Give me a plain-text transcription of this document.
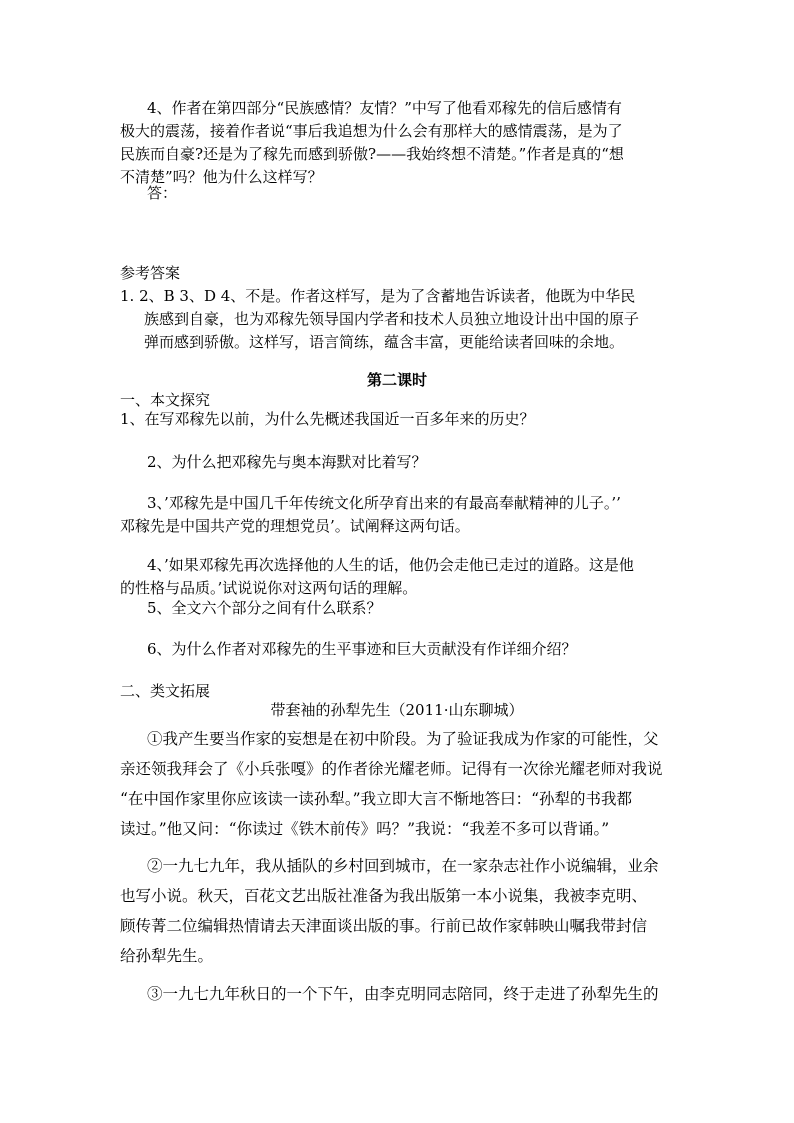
4、作者在第四部分“民族感情？友情？”中写了他看邓稼先的信后感情有
极大的震荡，接着作者说“事后我追想为什么会有那样大的感情震荡，是为了
民族而自豪?还是为了稼先而感到骄傲?——我始终想不清楚。”作者是真的“想
不清楚”吗？他为什么这样写？
答：
参考答案
1. 2、B 3、D 4、不是。作者这样写，是为了含蓄地告诉读者，他既为中华民
族感到自豪，也为邓稼先领导国内学者和技术人员独立地设计出中国的原子
弹而感到骄傲。这样写，语言简练，蕴含丰富，更能给读者回味的余地。
第二课时
一、本文探究
1、在写邓稼先以前，为什么先概述我国近一百多年来的历史？
2、为什么把邓稼先与奥本海默对比着写？
3、’邓稼先是中国几千年传统文化所孕育出来的有最高奉献精神的儿子。’’
邓稼先是中国共产党的理想党员’。试阐释这两句话。
4、’如果邓稼先再次选择他的人生的话，他仍会走他已走过的道路。这是他
的性格与品质。’试说说你对这两句话的理解。
5、全文六个部分之间有什么联系？
6、为什么作者对邓稼先的生平事迹和巨大贡献没有作详细介绍？
二、类文拓展
带套袖的孙犁先生（2011·山东聊城）
①我产生要当作家的妄想是在初中阶段。为了验证我成为作家的可能性，父
亲还领我拜会了《小兵张嘎》的作者徐光耀老师。记得有一次徐光耀老师对我说
“在中国作家里你应该读一读孙犁。”我立即大言不惭地答曰：“孙犁的书我都
读过。”他又问：“你读过《铁木前传》吗？”我说：“我差不多可以背诵。”
②一九七九年，我从插队的乡村回到城市，在一家杂志社作小说编辑，业余
也写小说。秋天，百花文艺出版社准备为我出版第一本小说集，我被李克明、
顾传菁二位编辑热情请去天津面谈出版的事。行前已故作家韩映山嘱我带封信
给孙犁先生。
③一九七九年秋日的一个下午，由李克明同志陪同，终于走进了孙犁先生的
